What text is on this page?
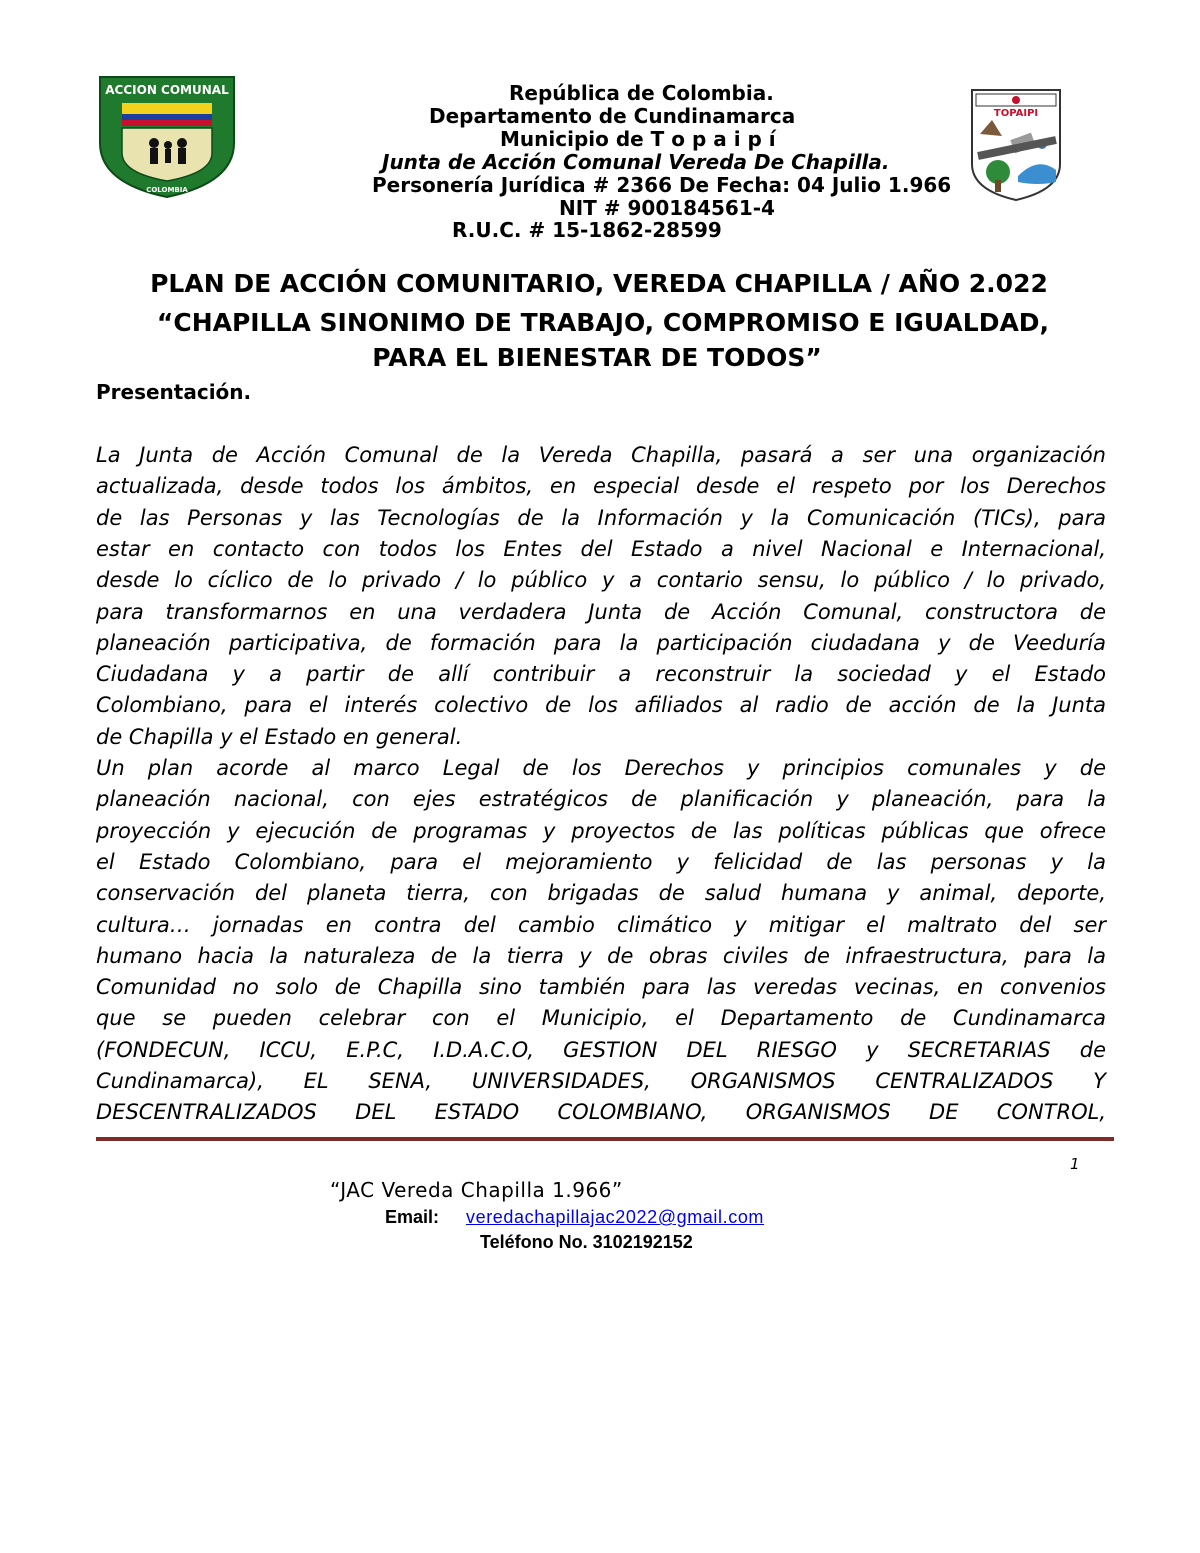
ACCION COMUNAL
COLOMBIA
TOPAIPI
República de Colombia.
Departamento de Cundinamarca
Municipio de T o p a i p í
Junta de Acción Comunal Vereda De Chapilla.
Personería Jurídica # 2366 De Fecha: 04 Julio 1.966
NIT # 900184561-4
R.U.C. # 15-1862-28599
PLAN DE ACCIÓN COMUNITARIO, VEREDA CHAPILLA / AÑO 2.022
“CHAPILLA SINONIMO DE TRABAJO, COMPROMISO E IGUALDAD,
PARA EL BIENESTAR DE TODOS”
Presentación.
La Junta de Acción Comunal de la Vereda Chapilla, pasará a ser una organización
actualizada, desde todos los ámbitos, en especial desde el respeto por los Derechos
de las Personas y las Tecnologías de la Información y la Comunicación (TICs), para
estar en contacto con todos los Entes del Estado a nivel Nacional e Internacional,
desde lo cíclico de lo privado / lo público y a contario sensu, lo público / lo privado,
para transformarnos en una verdadera Junta de Acción Comunal, constructora de
planeación participativa, de formación para la participación ciudadana y de Veeduría
Ciudadana y a partir de allí contribuir a reconstruir la sociedad y el Estado
Colombiano, para el interés colectivo de los afiliados al radio de acción de la Junta
de Chapilla y el Estado en general.
Un plan acorde al marco Legal de los Derechos y principios comunales y de
planeación nacional, con ejes estratégicos de planificación y planeación, para la
proyección y ejecución de programas y proyectos de las políticas públicas que ofrece
el Estado Colombiano, para el mejoramiento y felicidad de las personas y la
conservación del planeta tierra, con brigadas de salud humana y animal, deporte,
cultura… jornadas en contra del cambio climático y mitigar el maltrato del ser
humano hacia la naturaleza de la tierra y de obras civiles de infraestructura, para la
Comunidad no solo de Chapilla sino también para las veredas vecinas, en convenios
que se pueden celebrar con el Municipio, el Departamento de Cundinamarca
(FONDECUN, ICCU, E.P.C, I.D.A.C.O, GESTION DEL RIESGO y SECRETARIAS de
Cundinamarca), EL SENA, UNIVERSIDADES, ORGANISMOS CENTRALIZADOS Y
DESCENTRALIZADOS DEL ESTADO COLOMBIANO, ORGANISMOS DE CONTROL,
1
“JAC Vereda Chapilla 1.966”
Email: veredachapillajac2022@gmail.com
Teléfono No. 3102192152
